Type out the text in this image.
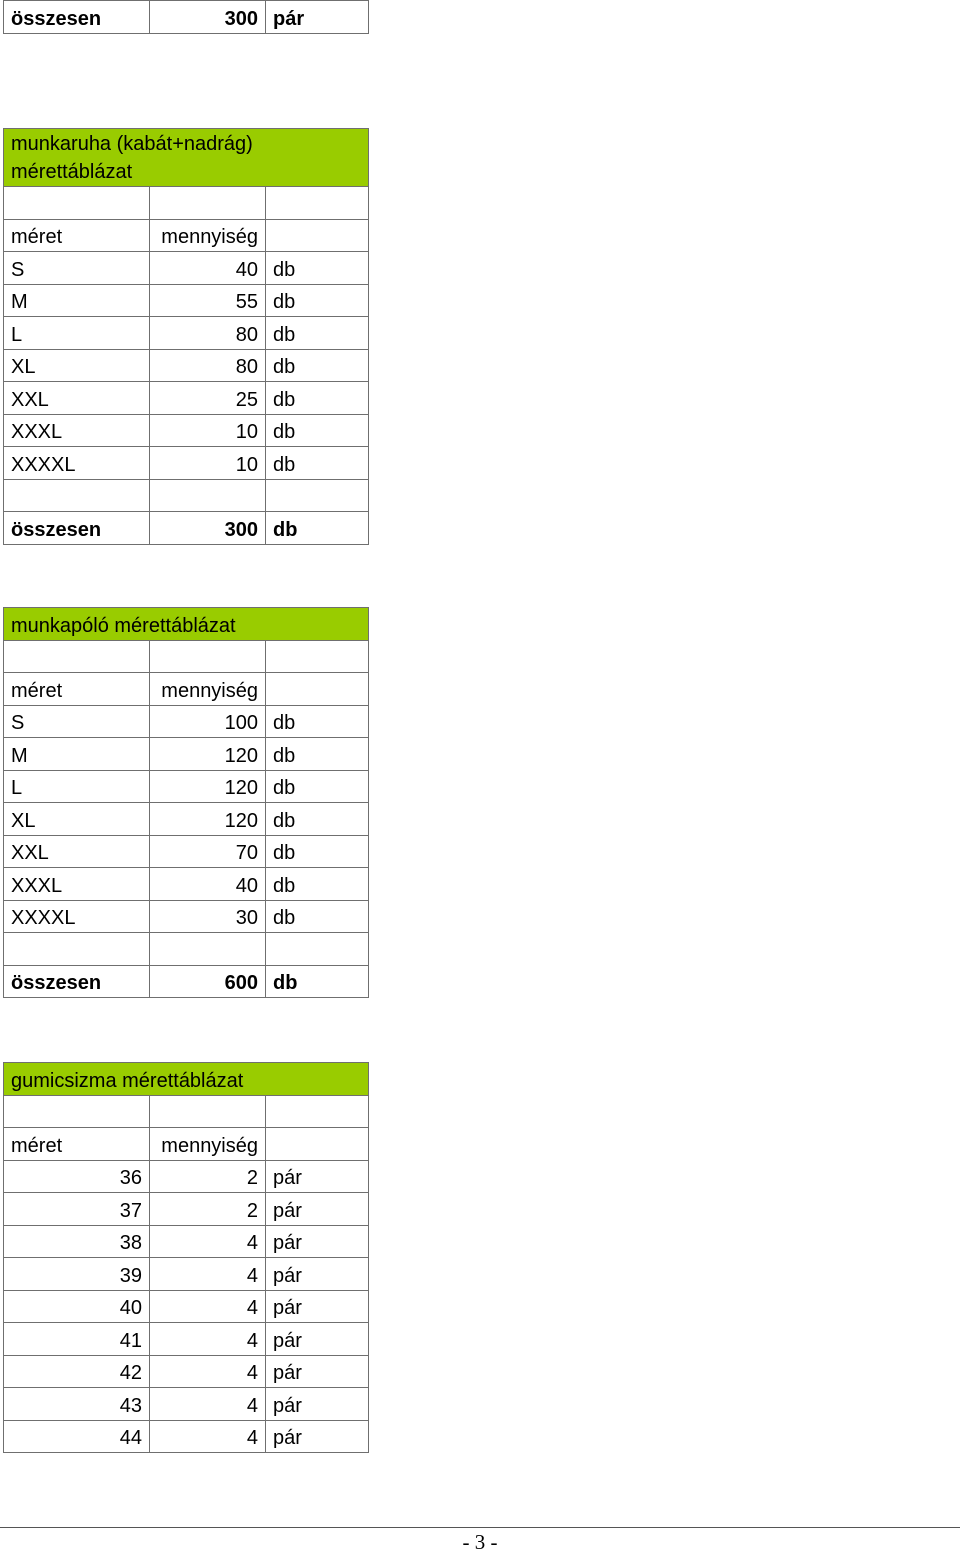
összesen	300	pár
munkaruha (kabát+nadrág) mérettáblázat		

méret	mennyiség	
S	40	db
M	55	db
L	80	db
XL	80	db
XXL	25	db
XXXL	10	db
XXXXL	10	db

összesen	300	db
munkapóló mérettáblázat		

méret	mennyiség	
S	100	db
M	120	db
L	120	db
XL	120	db
XXL	70	db
XXXL	40	db
XXXXL	30	db

összesen	600	db
gumicsizma mérettáblázat		

méret	mennyiség	
36	2	pár
37	2	pár
38	4	pár
39	4	pár
40	4	pár
41	4	pár
42	4	pár
43	4	pár
44	4	pár
- 3 -
